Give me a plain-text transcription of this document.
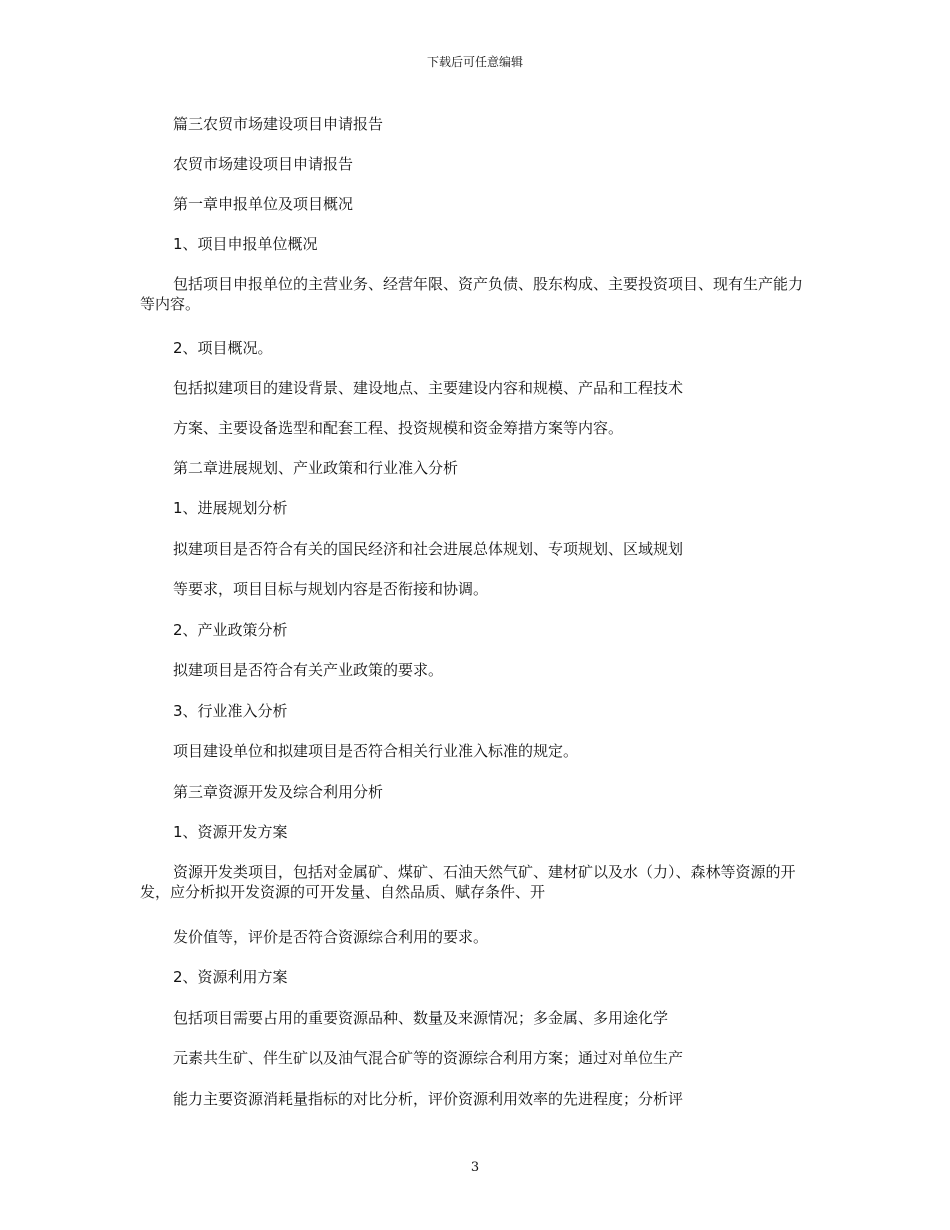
下载后可任意编辑

篇三农贸市场建设项目申请报告

农贸市场建设项目申请报告

第一章申报单位及项目概况

1、项目申报单位概况

包括项目申报单位的主营业务、经营年限、资产负债、股东构成、主要投资项目、现有生产能力等内容。

2、项目概况。

包括拟建项目的建设背景、建设地点、主要建设内容和规模、产品和工程技术

方案、主要设备选型和配套工程、投资规模和资金筹措方案等内容。

第二章进展规划、产业政策和行业准入分析

1、进展规划分析

拟建项目是否符合有关的国民经济和社会进展总体规划、专项规划、区域规划

等要求，项目目标与规划内容是否衔接和协调。

2、产业政策分析

拟建项目是否符合有关产业政策的要求。

3、行业准入分析

项目建设单位和拟建项目是否符合相关行业准入标准的规定。

第三章资源开发及综合利用分析

1、资源开发方案

资源开发类项目，包括对金属矿、煤矿、石油天然气矿、建材矿以及水（力）、森林等资源的开发，应分析拟开发资源的可开发量、自然品质、赋存条件、开

发价值等，评价是否符合资源综合利用的要求。

2、资源利用方案

包括项目需要占用的重要资源品种、数量及来源情况；多金属、多用途化学

元素共生矿、伴生矿以及油气混合矿等的资源综合利用方案；通过对单位生产

能力主要资源消耗量指标的对比分析，评价资源利用效率的先进程度；分析评

3
